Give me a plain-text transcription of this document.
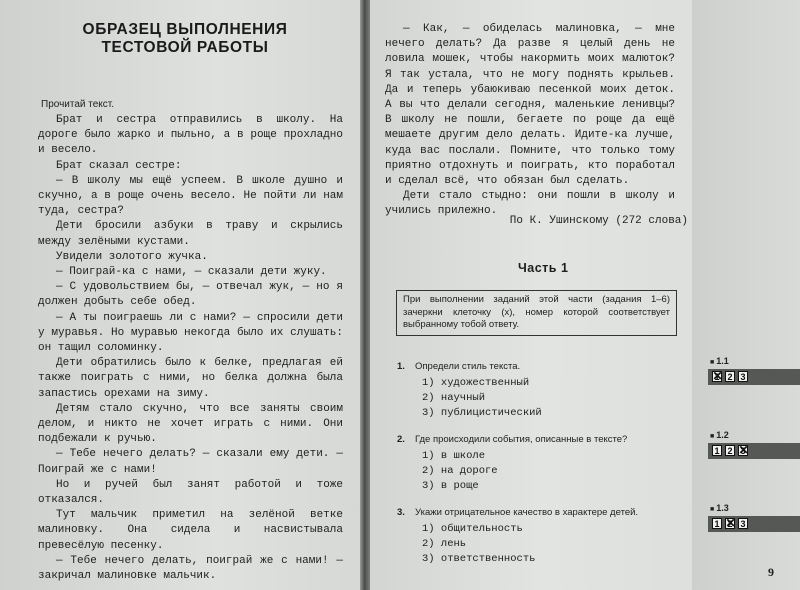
ОБРАЗЕЦ ВЫПОЛНЕНИЯ
ТЕСТОВОЙ РАБОТЫ

Прочитай текст.

Брат и сестра отправились в школу. На дороге было жарко и пыльно, а в роще прохладно и весело.

Брат сказал сестре:

— В школу мы ещё успеем. В школе душно и скучно, а в роще очень весело. Не пойти ли нам туда, сестра?

Дети бросили азбуки в траву и скрылись между зелёными кустами.

Увидели золотого жучка.

— Поиграй-ка с нами, — сказали дети жуку.

— С удовольствием бы, — отвечал жук, — но я должен добыть себе обед.

— А ты поиграешь ли с нами? — спросили дети у муравья. Но муравью некогда было их слушать: он тащил соломинку.

Дети обратились было к белке, предлагая ей также поиграть с ними, но белка должна была запастись орехами на зиму.

Детям стало скучно, что все заняты своим делом, и никто не хочет играть с ними. Они подбежали к ручью.

— Тебе нечего делать? — сказали ему дети. — Поиграй же с нами!

Но и ручей был занят работой и тоже отказался.

Тут мальчик приметил на зелёной ветке малиновку. Она сидела и насвистывала превесёлую песенку.

— Тебе нечего делать, поиграй же с нами! — закричал малиновке мальчик.

— Как, — обиделась малиновка, — мне нечего делать? Да разве я целый день не ловила мошек, чтобы накормить моих малюток? Я так устала, что не могу поднять крыльев. Да и теперь убаюкиваю песенкой моих деток. А вы что делали сегодня, маленькие ленивцы? В школу не пошли, бегаете по роще да ещё мешаете другим дело делать. Идите-ка лучше, куда вас послали. Помните, что только тому приятно отдохнуть и поиграть, кто поработал и сделал всё, что обязан был сделать.

Дети стало стыдно: они пошли в школу и учились прилежно.

По К. Ушинскому (272 слова)
Часть 1
При выполнении заданий этой части (задания 1–6) зачеркни клеточку (х), номер которой соответствует выбранному тобой ответу.
1. Определи стиль текста.
1) художественный
2) научный
3) публицистический
2. Где происходили события, описанные в тексте?
1) в школе
2) на дороге
3) в роще
3. Укажи отрицательное качество в характере детей.
1) общительность
2) лень
3) ответственность
■ 1.1
1 ✕ 2 3
■ 1.2
1 2 3 ✕
■ 1.3
1 2 ✕ 3
9
